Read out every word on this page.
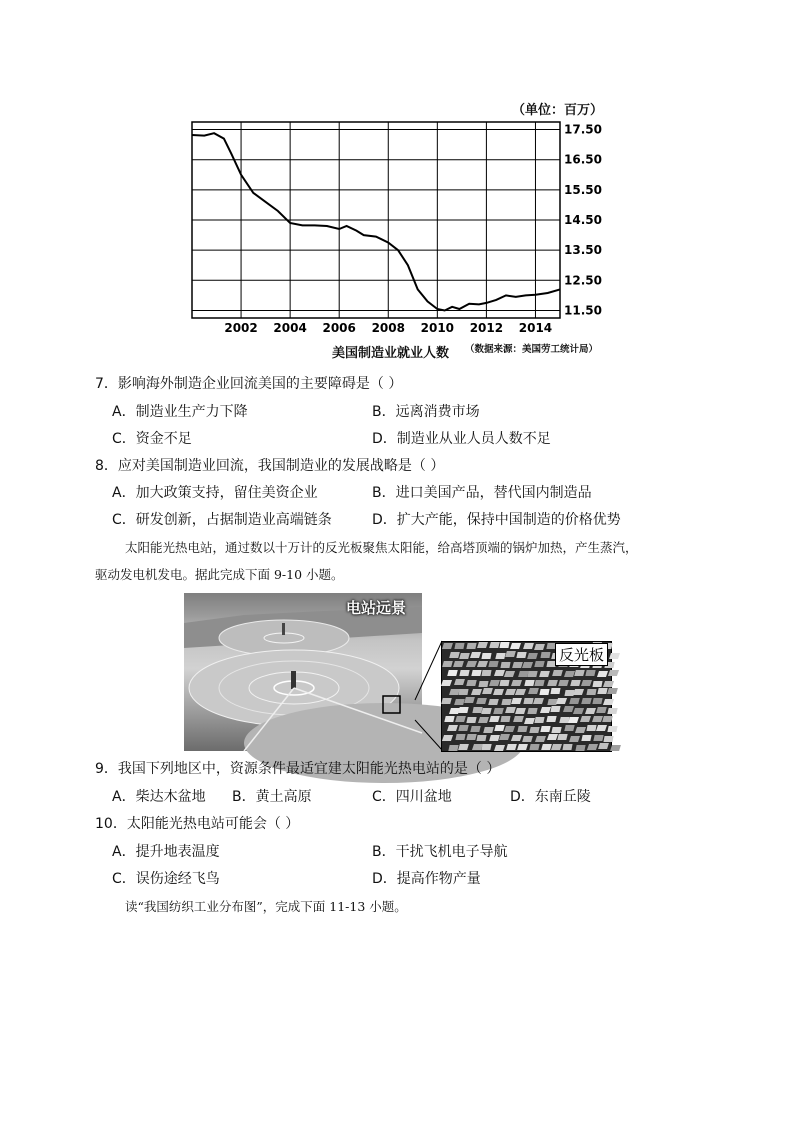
（单位：百万）
2002 2004 2006 2008 2010 2012 2014
17.50
16.50
15.50
14.50
13.50
12.50
11.50
美国制造业就业人数 （数据来源：美国劳工统计局）
7．影响海外制造企业回流美国的主要障碍是（ ）
A．制造业生产力下降	B．远离消费市场
C．资金不足	D．制造业从业人员人数不足
8．应对美国制造业回流，我国制造业的发展战略是（ ）
A．加大政策支持，留住美资企业	B．进口美国产品，替代国内制造品
C．研发创新，占据制造业高端链条	D．扩大产能，保持中国制造的价格优势
太阳能光热电站，通过数以十万计的反光板聚焦太阳能，给高塔顶端的锅炉加热，产生蒸汽，
驱动发电机发电。据此完成下面 9-10 小题。
电站远景
反光板
9．我国下列地区中，资源条件最适宜建太阳能光热电站的是（ ）
A．柴达木盆地 B．黄土高原	C．四川盆地	D．东南丘陵
10．太阳能光热电站可能会（ ）
A．提升地表温度	B．干扰飞机电子导航
C．误伤途经飞鸟	D．提高作物产量
读“我国纺织工业分布图”，完成下面 11-13 小题。
